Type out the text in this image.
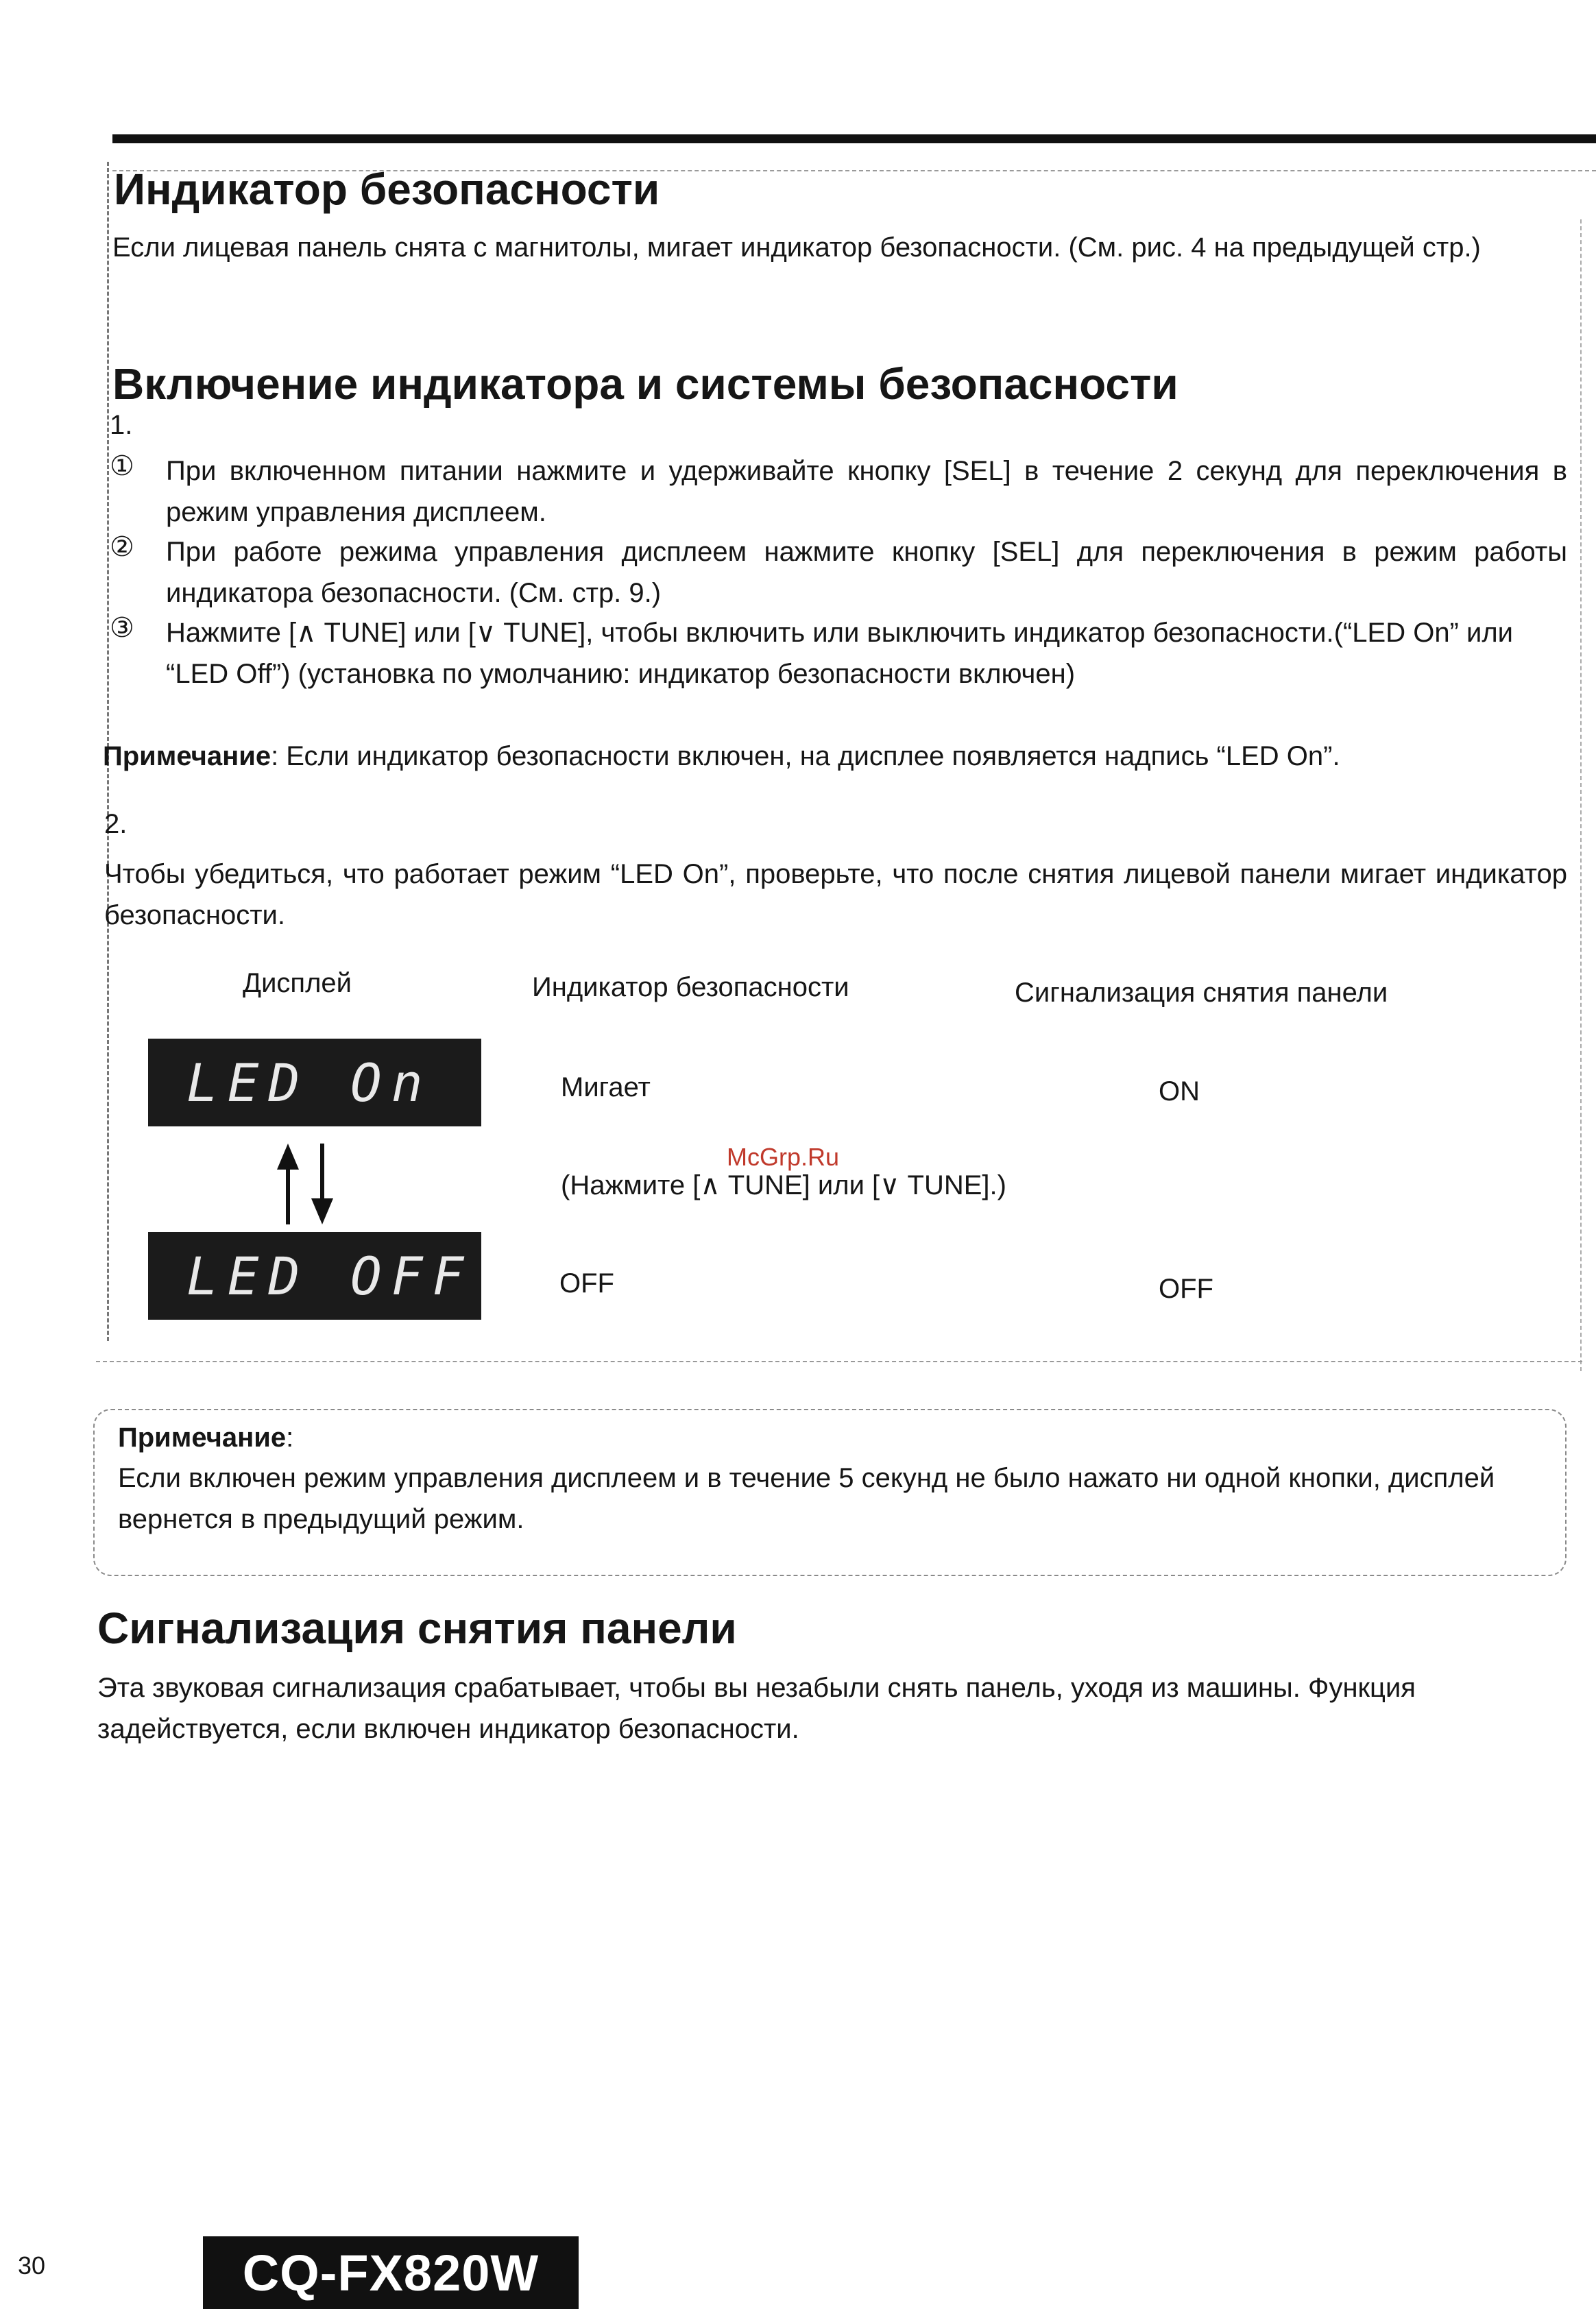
Индикатор безопасности
Если лицевая панель снята с магнитолы, мигает индикатор безопасности. (См. рис. 4 на предыдущей стр.)
Включение индикатора и системы безопасности
1.
①	При включенном питании нажмите и удерживайте кнопку [SEL] в течение 2 секунд для переключения в режим управления дисплеем.
②	При работе режима управления дисплеем нажмите кнопку [SEL] для переключения в режим работы индикатора безопасности. (См. стр. 9.)
③	Нажмите [∧ TUNE] или [∨ TUNE], чтобы включить или выключить индикатор безопасности.(“LED On” или “LED Off”) (установка по умолчанию: индикатор безопасности включен)
Примечание: Если индикатор безопасности включен, на дисплее появляется надпись “LED On”.
2.
Чтобы убедиться, что работает режим “LED On”, проверьте, что после снятия лицевой панели мигает индикатор безопасности.
Дисплей	Индикатор безопасности	Сигнализация снятия панели
LED On	Мигает	ON
McGrp.Ru
(Нажмите [∧ TUNE] или [∨ TUNE].)
LED OFF	OFF	OFF
Примечание:
Если включен режим управления дисплеем и в течение 5 секунд не было нажато ни одной кнопки, дисплей вернется в предыдущий режим.
Сигнализация снятия панели
Эта звуковая сигнализация срабатывает, чтобы вы незабыли снять панель, уходя из машины. Функция задействуется, если включен индикатор безопасности.
30	CQ-FX820W
